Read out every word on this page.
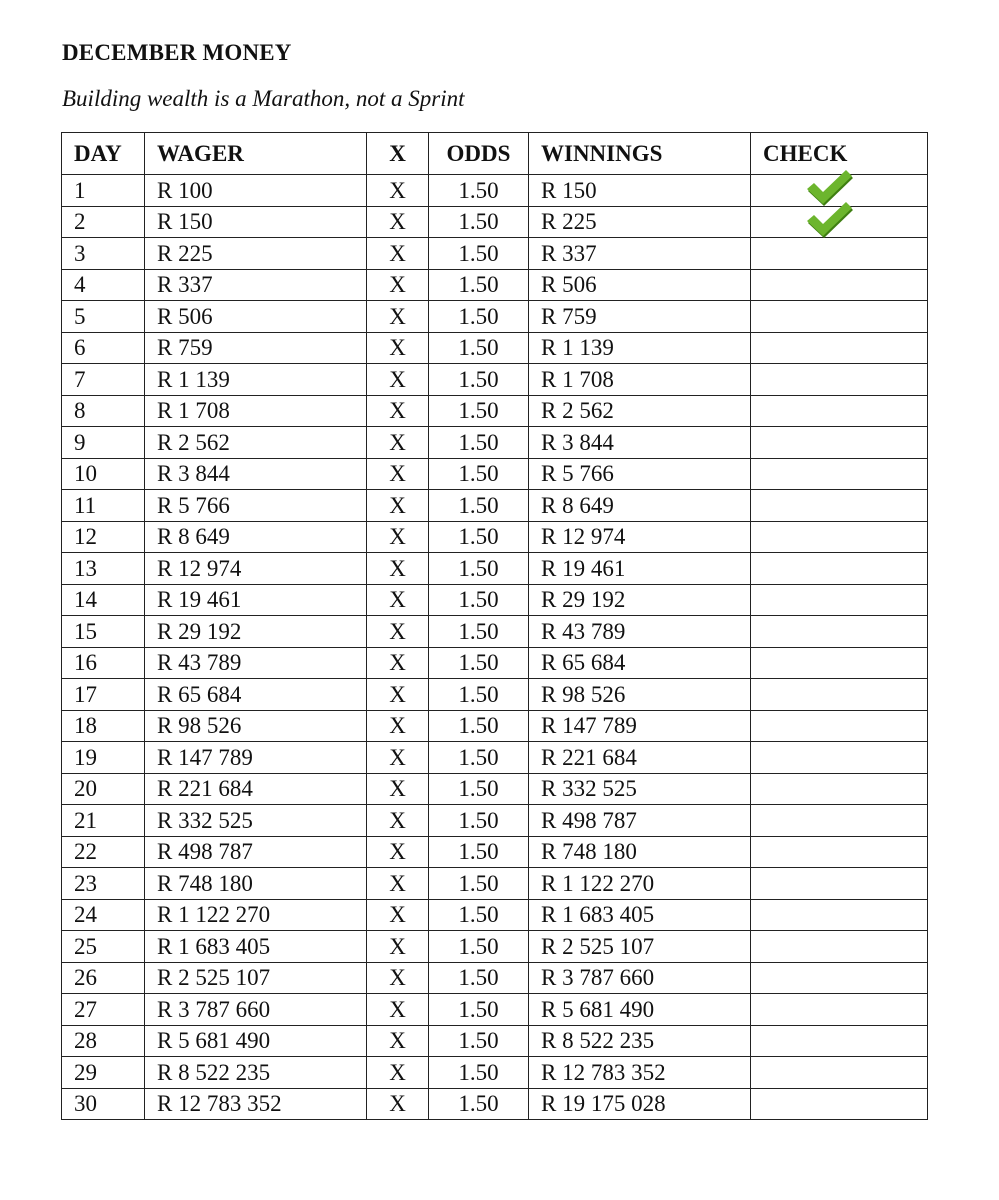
DECEMBER MONEY

Building wealth is a Marathon, not a Sprint

DAY	WAGER	X	ODDS	WINNINGS	CHECK
1	R 100	X	1.50	R 150	

2	R 150	X	1.50	R 225	

3	R 225	X	1.50	R 337	
4	R 337	X	1.50	R 506	
5	R 506	X	1.50	R 759	
6	R 759	X	1.50	R 1 139	
7	R 1 139	X	1.50	R 1 708	
8	R 1 708	X	1.50	R 2 562	
9	R 2 562	X	1.50	R 3 844	
10	R 3 844	X	1.50	R 5 766	
11	R 5 766	X	1.50	R 8 649	
12	R 8 649	X	1.50	R 12 974	
13	R 12 974	X	1.50	R 19 461	
14	R 19 461	X	1.50	R 29 192	
15	R 29 192	X	1.50	R 43 789	
16	R 43 789	X	1.50	R 65 684	
17	R 65 684	X	1.50	R 98 526	
18	R 98 526	X	1.50	R 147 789	
19	R 147 789	X	1.50	R 221 684	
20	R 221 684	X	1.50	R 332 525	
21	R 332 525	X	1.50	R 498 787	
22	R 498 787	X	1.50	R 748 180	
23	R 748 180	X	1.50	R 1 122 270	
24	R 1 122 270	X	1.50	R 1 683 405	
25	R 1 683 405	X	1.50	R 2 525 107	
26	R 2 525 107	X	1.50	R 3 787 660	
27	R 3 787 660	X	1.50	R 5 681 490	
28	R 5 681 490	X	1.50	R 8 522 235	
29	R 8 522 235	X	1.50	R 12 783 352	
30	R 12 783 352	X	1.50	R 19 175 028	
